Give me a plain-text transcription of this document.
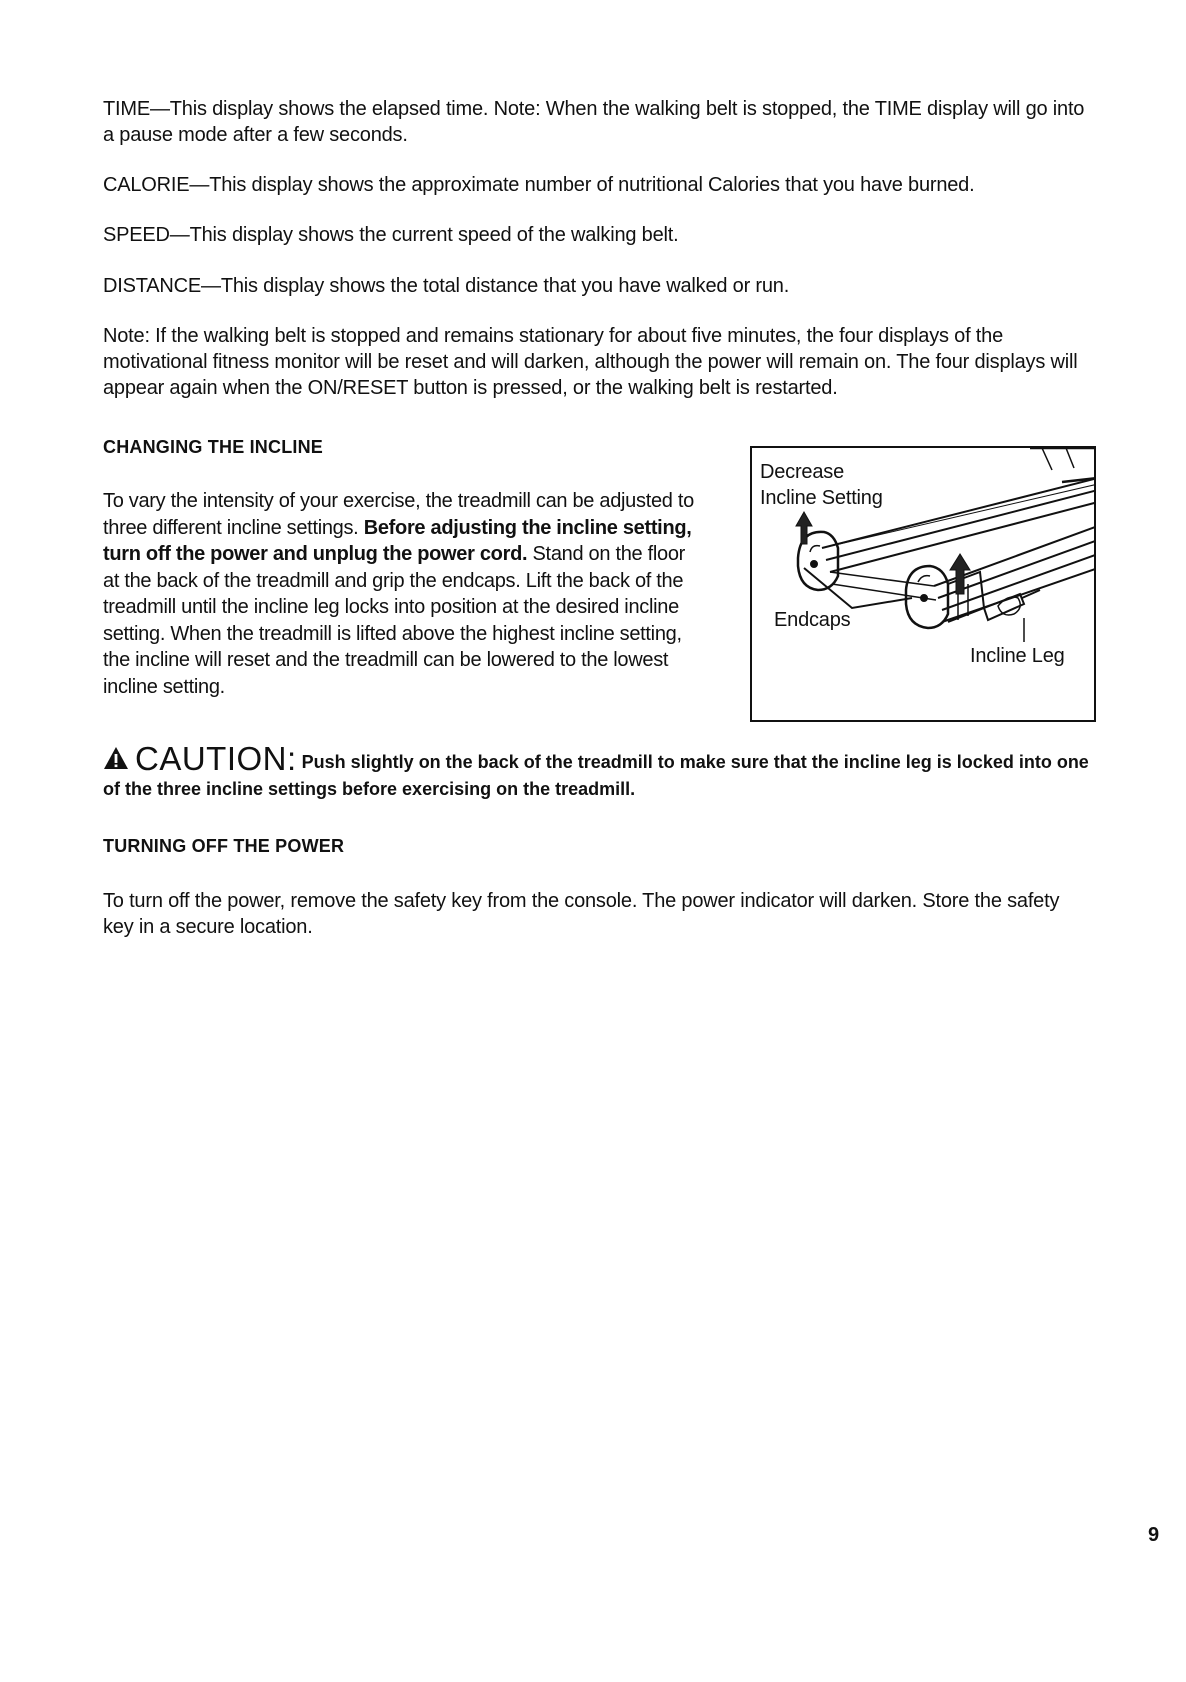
TIME—This display shows the elapsed time. Note: When the walking belt is stopped, the TIME display will go into a pause mode after a few seconds.

CALORIE—This display shows the approximate number of nutritional Calories that you have burned.

SPEED—This display shows the current speed of the walking belt.

DISTANCE—This display shows the total distance that you have walked or run.

Note: If the walking belt is stopped and remains stationary for about five minutes, the four displays of the motivational fitness monitor will be reset and will darken, although the power will remain on. The four displays will appear again when the ON/RESET button is pressed, or the walking belt is restarted.

CHANGING THE INCLINE

To vary the intensity of your exercise, the treadmill can be adjusted to three different incline settings. Before adjusting the incline setting, turn off the power and unplug the power cord. Stand on the floor at the back of the treadmill and grip the endcaps. Lift the back of the treadmill until the incline leg locks into position at the desired incline setting. When the treadmill is lifted above the highest incline setting, the incline will reset and the treadmill can be lowered to the lowest incline setting.

Decrease
Incline Setting
Endcaps
Incline Leg

CAUTION: Push slightly on the back of the treadmill to make sure that the incline leg is locked into one of the three incline settings before exercising on the treadmill.

TURNING OFF THE POWER

To turn off the power, remove the safety key from the console. The power indicator will darken. Store the safety key in a secure location.

9
